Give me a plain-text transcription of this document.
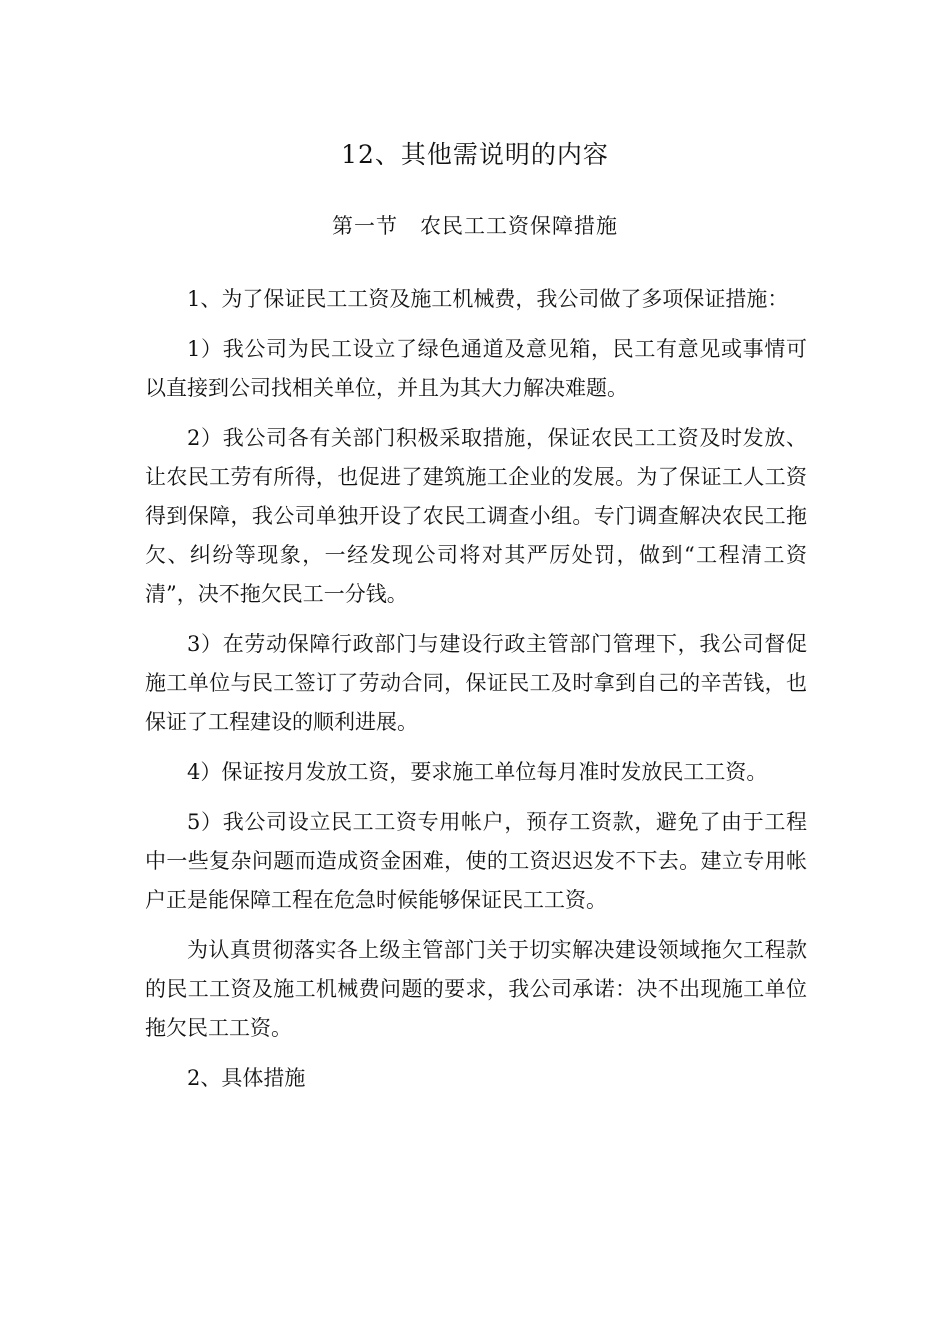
12、其他需说明的内容
第一节　农民工工资保障措施

1、为了保证民工工资及施工机械费，我公司做了多项保证措施：

1）我公司为民工设立了绿色通道及意见箱，民工有意见或事情可以直接到公司找相关单位，并且为其大力解决难题。

2）我公司各有关部门积极采取措施，保证农民工工资及时发放、让农民工劳有所得，也促进了建筑施工企业的发展。为了保证工人工资得到保障，我公司单独开设了农民工调查小组。专门调查解决农民工拖欠、纠纷等现象，一经发现公司将对其严厉处罚，做到“工程清工资清”，决不拖欠民工一分钱。

3）在劳动保障行政部门与建设行政主管部门管理下，我公司督促施工单位与民工签订了劳动合同，保证民工及时拿到自己的辛苦钱，也保证了工程建设的顺利进展。

4）保证按月发放工资，要求施工单位每月准时发放民工工资。

5）我公司设立民工工资专用帐户，预存工资款，避免了由于工程中一些复杂问题而造成资金困难，使的工资迟迟发不下去。建立专用帐户正是能保障工程在危急时候能够保证民工工资。

为认真贯彻落实各上级主管部门关于切实解决建设领域拖欠工程款的民工工资及施工机械费问题的要求，我公司承诺：决不出现施工单位拖欠民工工资。

2、具体措施
